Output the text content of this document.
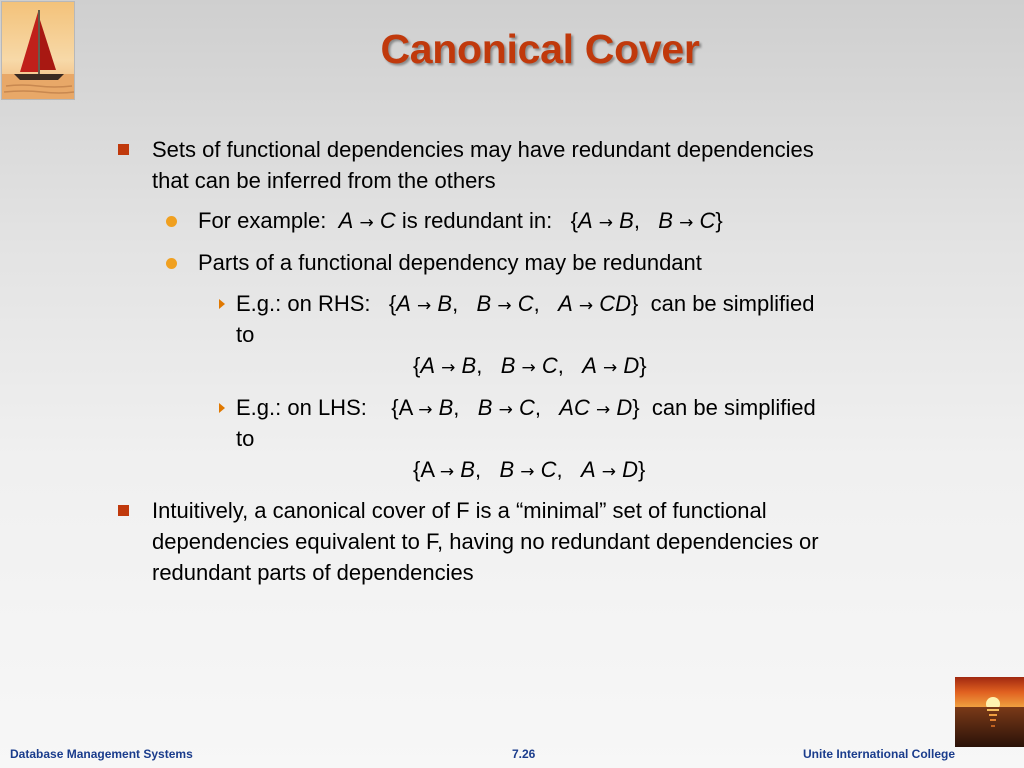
Canonical Cover
Sets of functional dependencies may have redundant dependencies
that can be inferred from the others
For example: A → C is redundant in:   {A → B,   B → C}
Parts of a functional dependency may be redundant
E.g.: on RHS:   {A → B,   B → C,   A → CD}  can be simplified
to
{A → B,   B → C,   A → D}
E.g.: on LHS:    {A → B,   B → C,   AC → D}  can be simplified
to
{A → B,   B → C,   A → D}
Intuitively, a canonical cover of F is a “minimal” set of functional
dependencies equivalent to F, having no redundant dependencies or
redundant parts of dependencies
Database Management Systems	7.26	Unite International College
